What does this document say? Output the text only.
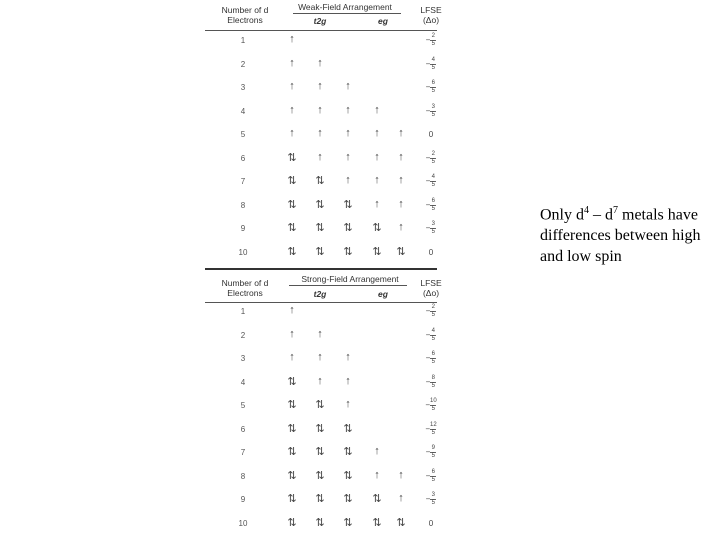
Number of d
Electrons
Weak-Field Arrangement
t2g	eg
LFSE
(Δo)
1	↑	− $\frac{2}{5}$
2	↑	↑	− $\frac{4}{5}$
3	↑	↑	↑	− $\frac{6}{5}$
4	↑	↑	↑	↑	− $\frac{3}{5}$
5	↑	↑	↑	↑	↑	0
6	⇅	↑	↑	↑	↑	− $\frac{2}{5}$
7	⇅	⇅	↑	↑	↑	− $\frac{4}{5}$
8	⇅	⇅	⇅	↑	↑	− $\frac{6}{5}$
9	⇅	⇅	⇅	⇅	↑	− $\frac{3}{5}$
10	⇅	⇅	⇅	⇅	⇅	0
Number of d
Electrons
Strong-Field Arrangement
t2g	eg
LFSE
(Δo)
1	↑	− $\frac{2}{5}$
2	↑	↑	− $\frac{4}{5}$
3	↑	↑	↑	− $\frac{6}{5}$
4	⇅	↑	↑	− $\frac{8}{5}$
5	⇅	⇅	↑	− $\frac{10}{5}$
6	⇅	⇅	⇅	− $\frac{12}{5}$
7	⇅	⇅	⇅	↑	− $\frac{9}{5}$
8	⇅	⇅	⇅	↑	↑	− $\frac{6}{5}$
9	⇅	⇅	⇅	⇅	↑	− $\frac{3}{5}$
10	⇅	⇅	⇅	⇅	⇅	0
Only $d^4 - d^7$ metals have differences between high and low spin
